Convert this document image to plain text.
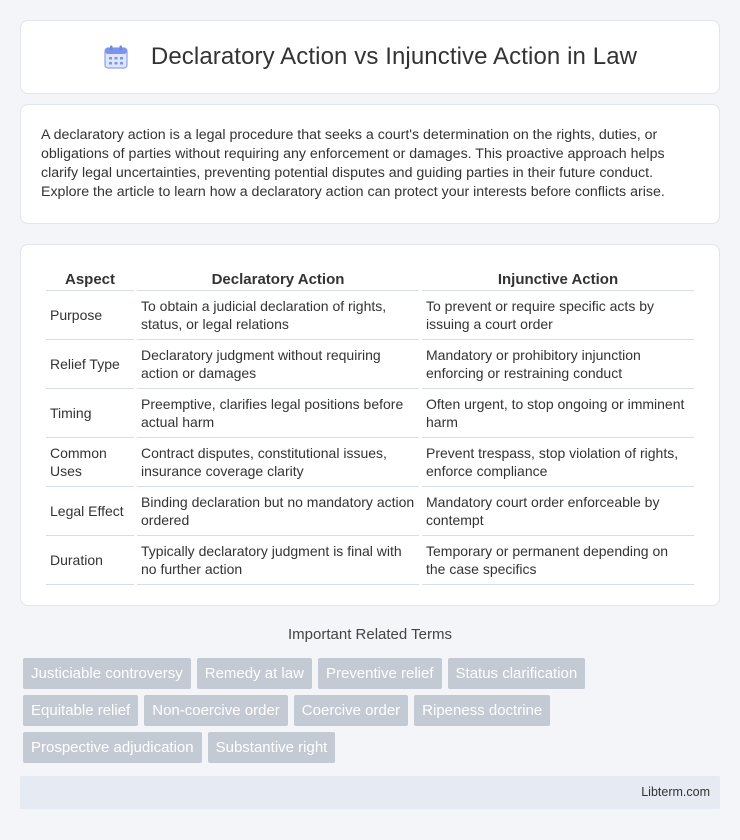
Declaratory Action vs Injunctive Action in Law

A declaratory action is a legal procedure that seeks a court's determination on the rights, duties, or obligations of parties without requiring any enforcement or damages. This proactive approach helps clarify legal uncertainties, preventing potential disputes and guiding parties in their future conduct. Explore the article to learn how a declaratory action can protect your interests before conflicts arise.

Aspect	Declaratory Action	Injunctive Action
Purpose	To obtain a judicial declaration of rights, status, or legal relations	To prevent or require specific acts by issuing a court order
Relief Type	Declaratory judgment without requiring action or damages	Mandatory or prohibitory injunction enforcing or restraining conduct
Timing	Preemptive, clarifies legal positions before actual harm	Often urgent, to stop ongoing or imminent harm
Common Uses	Contract disputes, constitutional issues, insurance coverage clarity	Prevent trespass, stop violation of rights, enforce compliance
Legal Effect	Binding declaration but no mandatory action ordered	Mandatory court order enforceable by contempt
Duration	Typically declaratory judgment is final with no further action	Temporary or permanent depending on the case specifics
Important Related Terms
Justiciable controversy	Remedy at law	Preventive relief	Status clarification
Equitable relief	Non-coercive order	Coercive order	Ripeness doctrine
Prospective adjudication	Substantive right
Libterm.com
